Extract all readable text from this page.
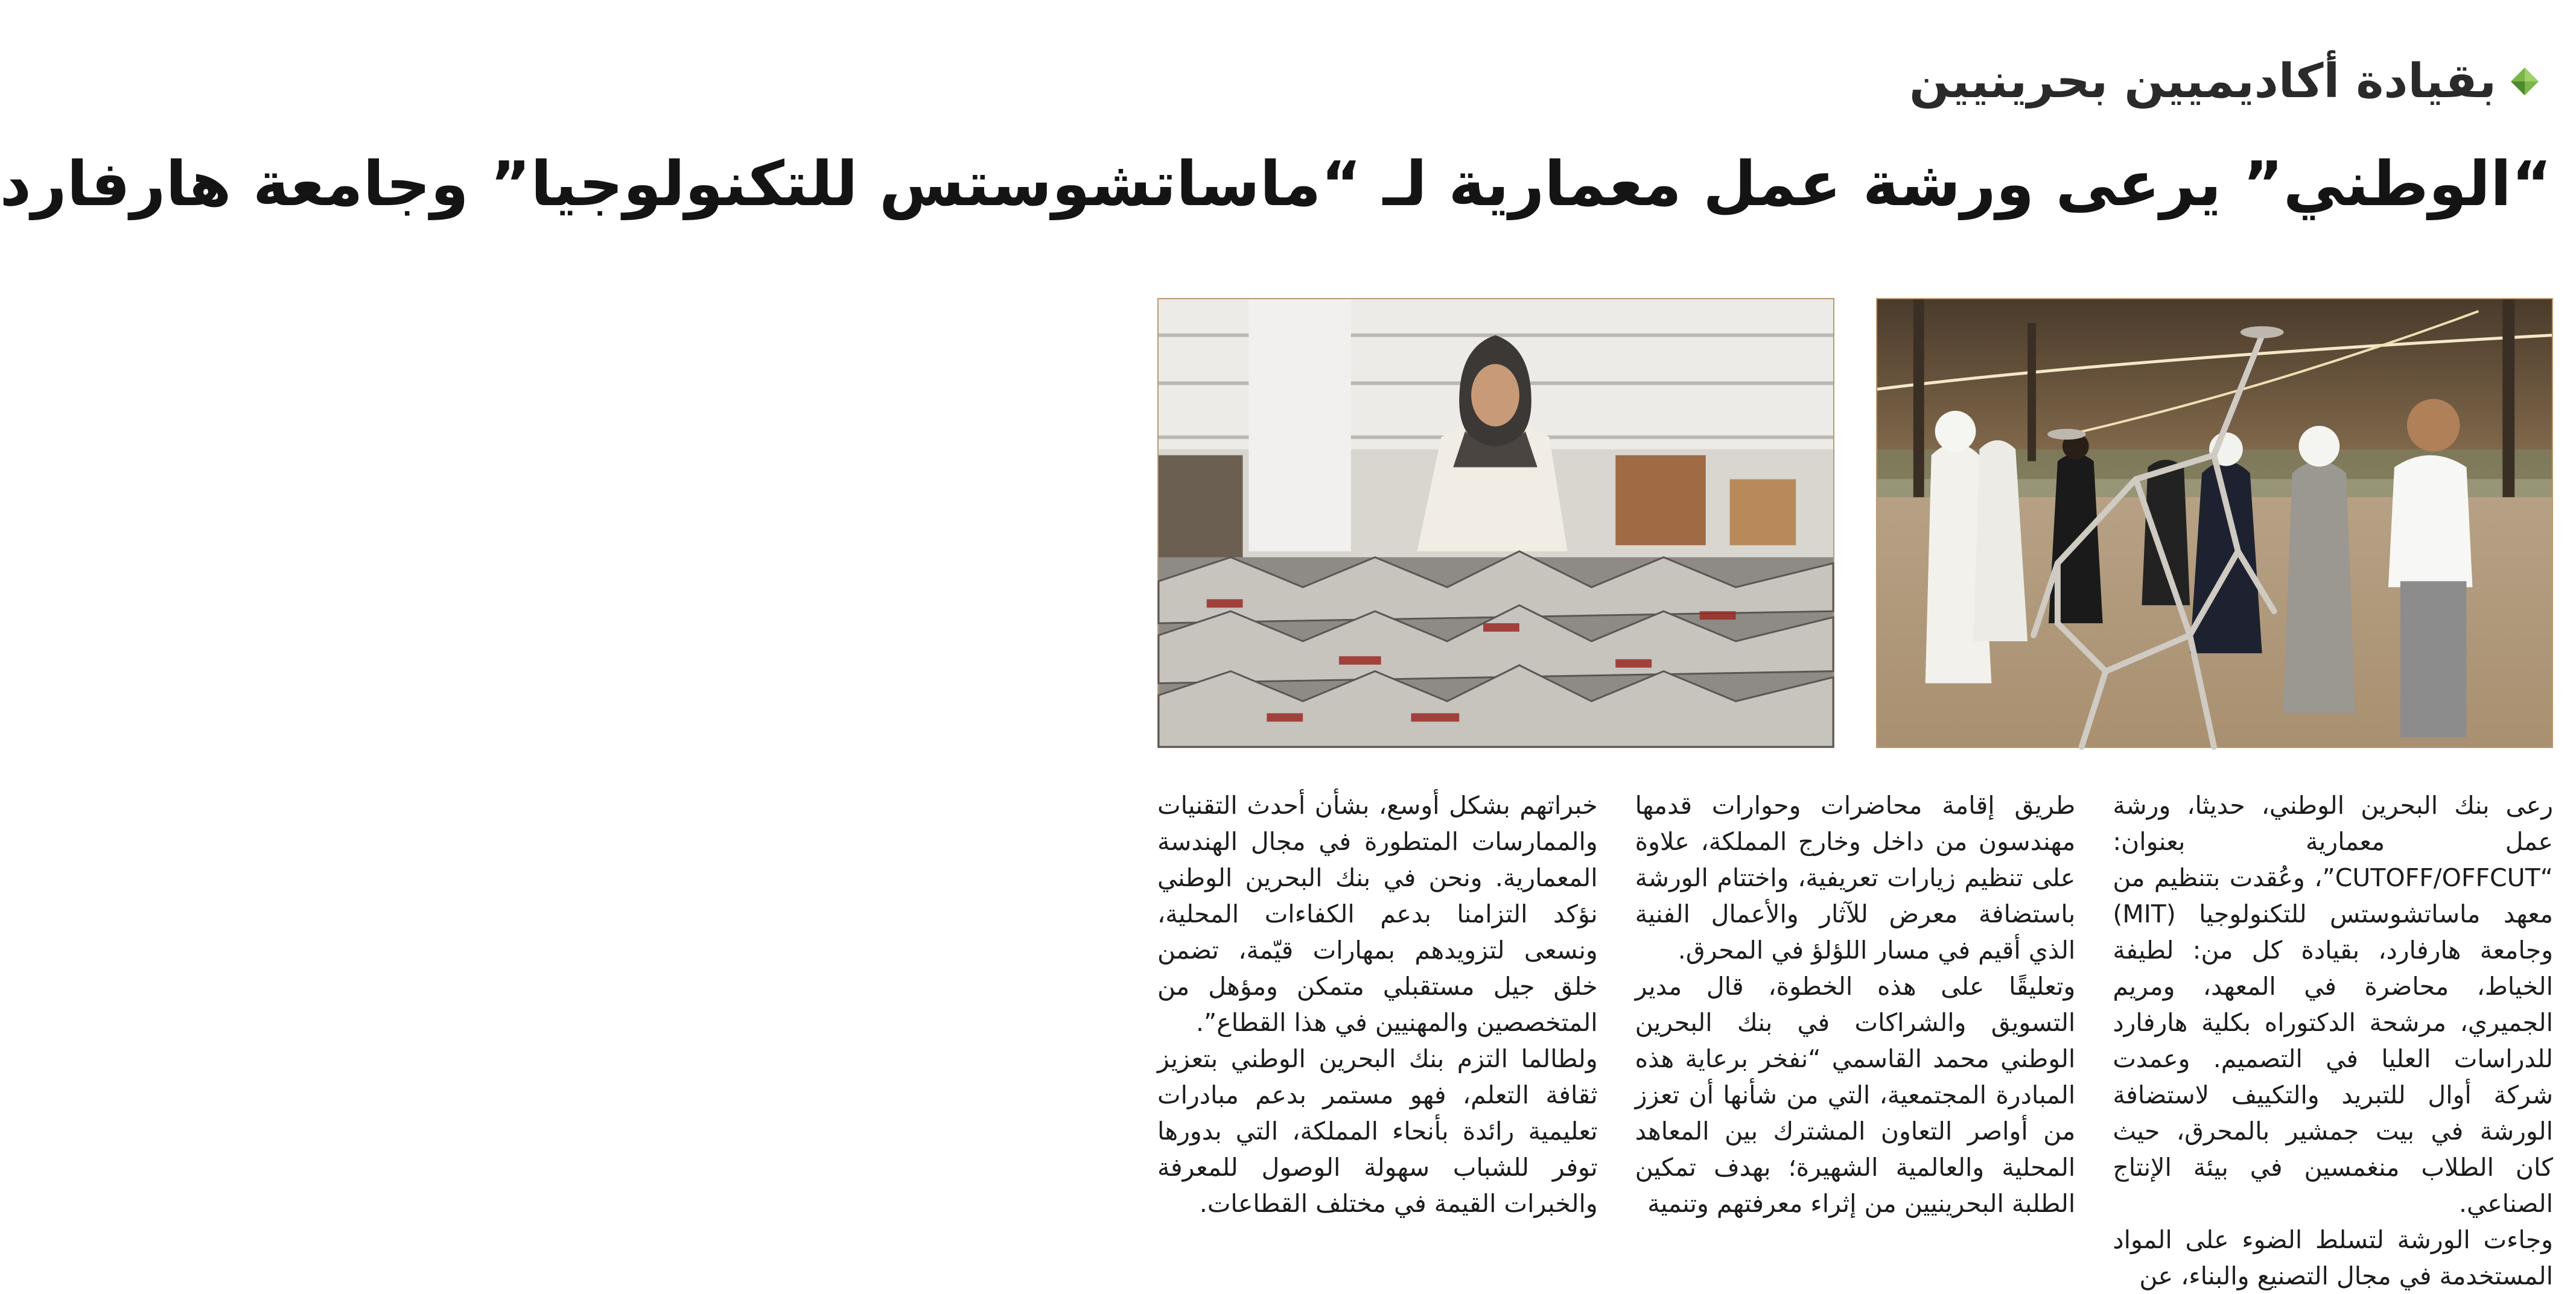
بقيادة أكاديميين بحرينيين
“الوطني” يرعى ورشة عمل معمارية لـ “ماساتشوستس للتكنولوجيا” وجامعة هارفارد

رعى بنك البحرين الوطني، حديثا، ورشة عمل معمارية بعنوان: “CUTOFF/OFFCUT”، وعُقدت بتنظيم من معهد ماساتشوستس للتكنولوجيا (MIT) وجامعة هارفارد، بقيادة كل من: لطيفة الخياط، محاضرة في المعهد، ومريم الجميري، مرشحة الدكتوراه بكلية هارفارد للدراسات العليا في التصميم. وعمدت شركة أوال للتبريد والتكييف لاستضافة الورشة في بيت جمشير بالمحرق، حيث كان الطلاب منغمسين في بيئة الإنتاج الصناعي.

وجاءت الورشة لتسلط الضوء على المواد المستخدمة في مجال التصنيع والبناء، عن

طريق إقامة محاضرات وحوارات قدمها مهندسون من داخل وخارج المملكة، علاوة على تنظيم زيارات تعريفية، واختتام الورشة باستضافة معرض للآثار والأعمال الفنية الذي أقيم في مسار اللؤلؤ في المحرق.

وتعليقًا على هذه الخطوة، قال مدير التسويق والشراكات في بنك البحرين الوطني محمد القاسمي “نفخر برعاية هذه المبادرة المجتمعية، التي من شأنها أن تعزز من أواصر التعاون المشترك بين المعاهد المحلية والعالمية الشهيرة؛ بهدف تمكين الطلبة البحرينيين من إثراء معرفتهم وتنمية

خبراتهم بشكل أوسع، بشأن أحدث التقنيات والممارسات المتطورة في مجال الهندسة المعمارية. ونحن في بنك البحرين الوطني نؤكد التزامنا بدعم الكفاءات المحلية، ونسعى لتزويدهم بمهارات قيّمة، تضمن خلق جيل مستقبلي متمكن ومؤهل من المتخصصين والمهنيين في هذا القطاع”.

ولطالما التزم بنك البحرين الوطني بتعزيز ثقافة التعلم، فهو مستمر بدعم مبادرات تعليمية رائدة بأنحاء المملكة، التي بدورها توفر للشباب سهولة الوصول للمعرفة والخبرات القيمة في مختلف القطاعات.
